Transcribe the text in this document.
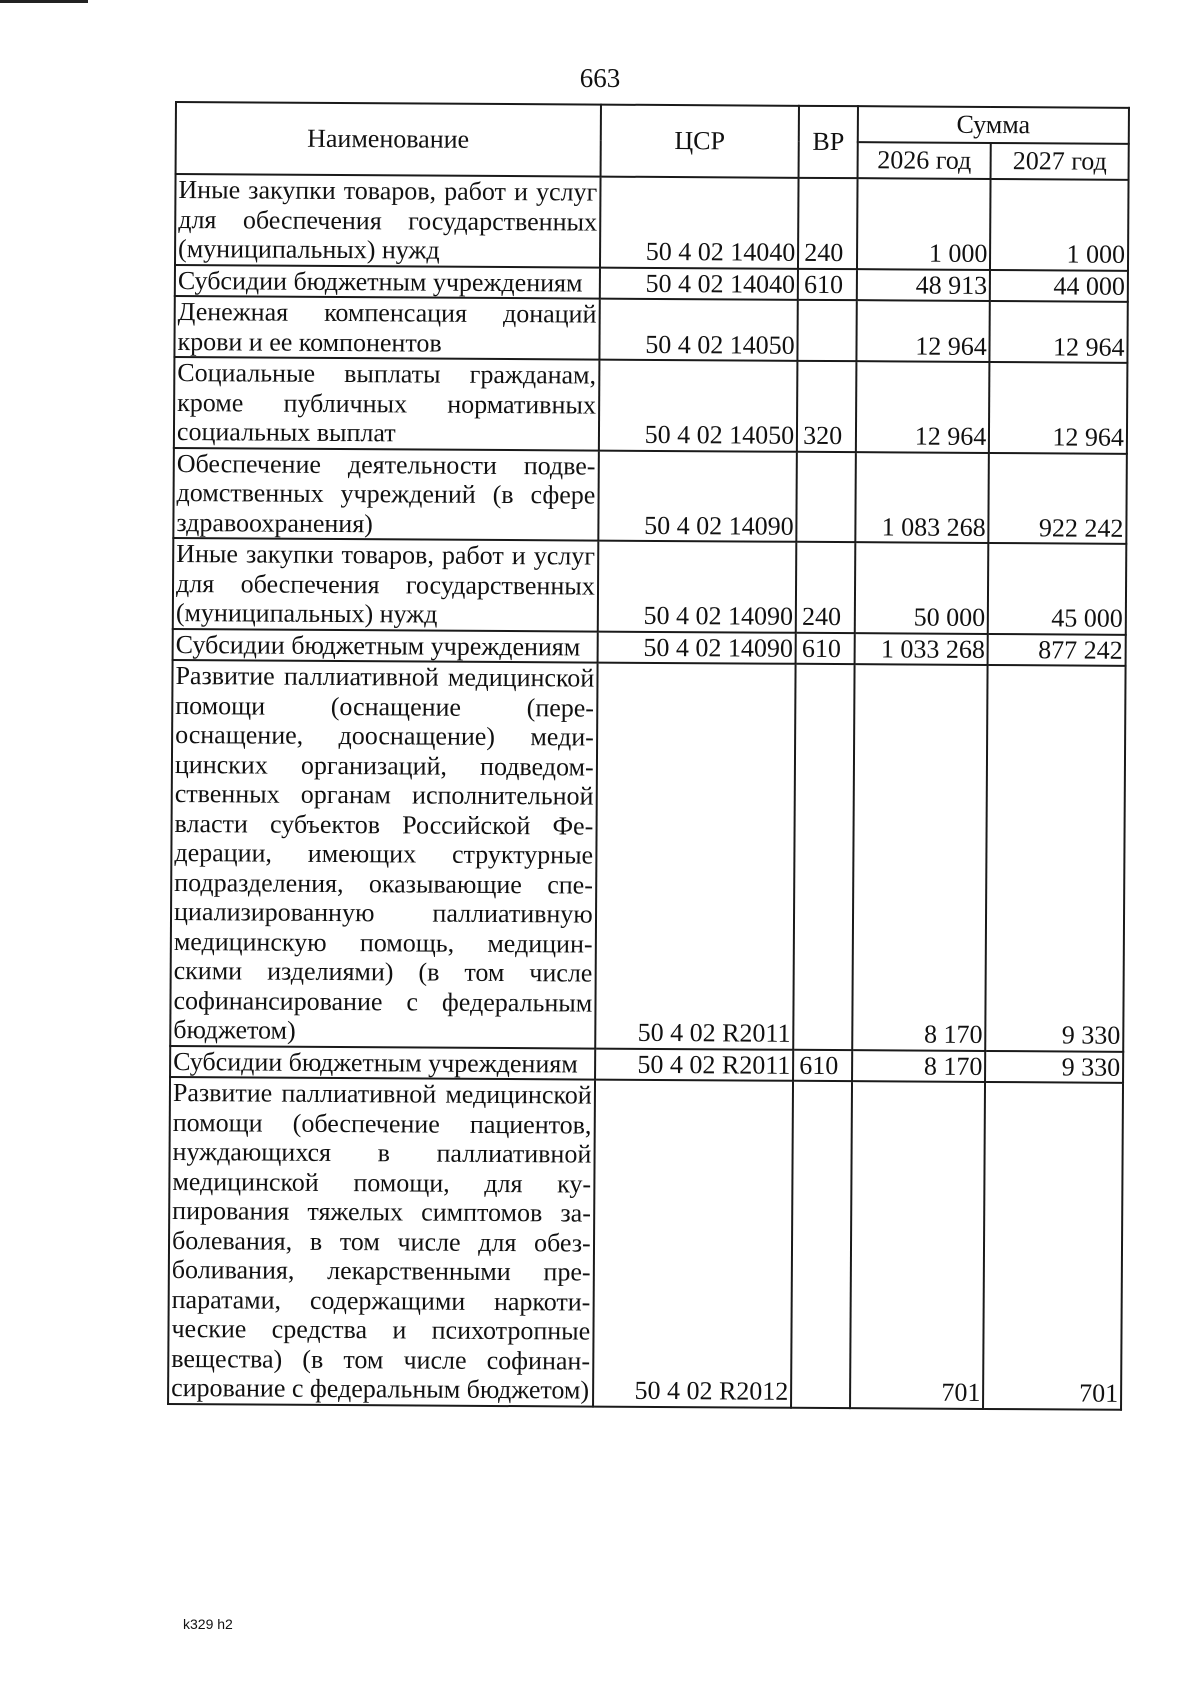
663
Наименование	ЦСР	ВР	Сумма	
			2026 год	2027 год
Иные закупки товаров, работ и услуг для обеспечения государственных (муниципальных) нужд	50 4 02 14040	240	1 000	1 000
Субсидии бюджетным учреждениям	50 4 02 14040	610	48 913	44 000
Денежная компенсация донаций крови и ее компонентов	50 4 02 14050		12 964	12 964
Социальные выплаты гражданам, кроме публичных нормативных социальных выплат	50 4 02 14050	320	12 964	12 964
Обеспечение деятельности подведомственных учреждений (в сфере здравоохранения)	50 4 02 14090		1 083 268	922 242
Иные закупки товаров, работ и услуг для обеспечения государственных (муниципальных) нужд	50 4 02 14090	240	50 000	45 000
Субсидии бюджетным учреждениям	50 4 02 14090	610	1 033 268	877 242
Развитие паллиативной медицинской помощи (оснащение (переоснащение, дооснащение) медицинских организаций, подведомственных органам исполнительной власти субъектов Российской Федерации, имеющих структурные подразделения, оказывающие специализированную паллиативную медицинскую помощь, медицинскими изделиями) (в том числе софинансирование с федеральным бюджетом)	50 4 02 R2011		8 170	9 330
Субсидии бюджетным учреждениям	50 4 02 R2011	610	8 170	9 330
Развитие паллиативной медицинской помощи (обеспечение пациентов, нуждающихся в паллиативной медицинской помощи, для купирования тяжелых симптомов заболевания, в том числе для обезболивания, лекарственными препаратами, содержащими наркотические средства и психотропные вещества) (в том числе софинансирование с федеральным бюджетом)	50 4 02 R2012		701	701
k329 h2
